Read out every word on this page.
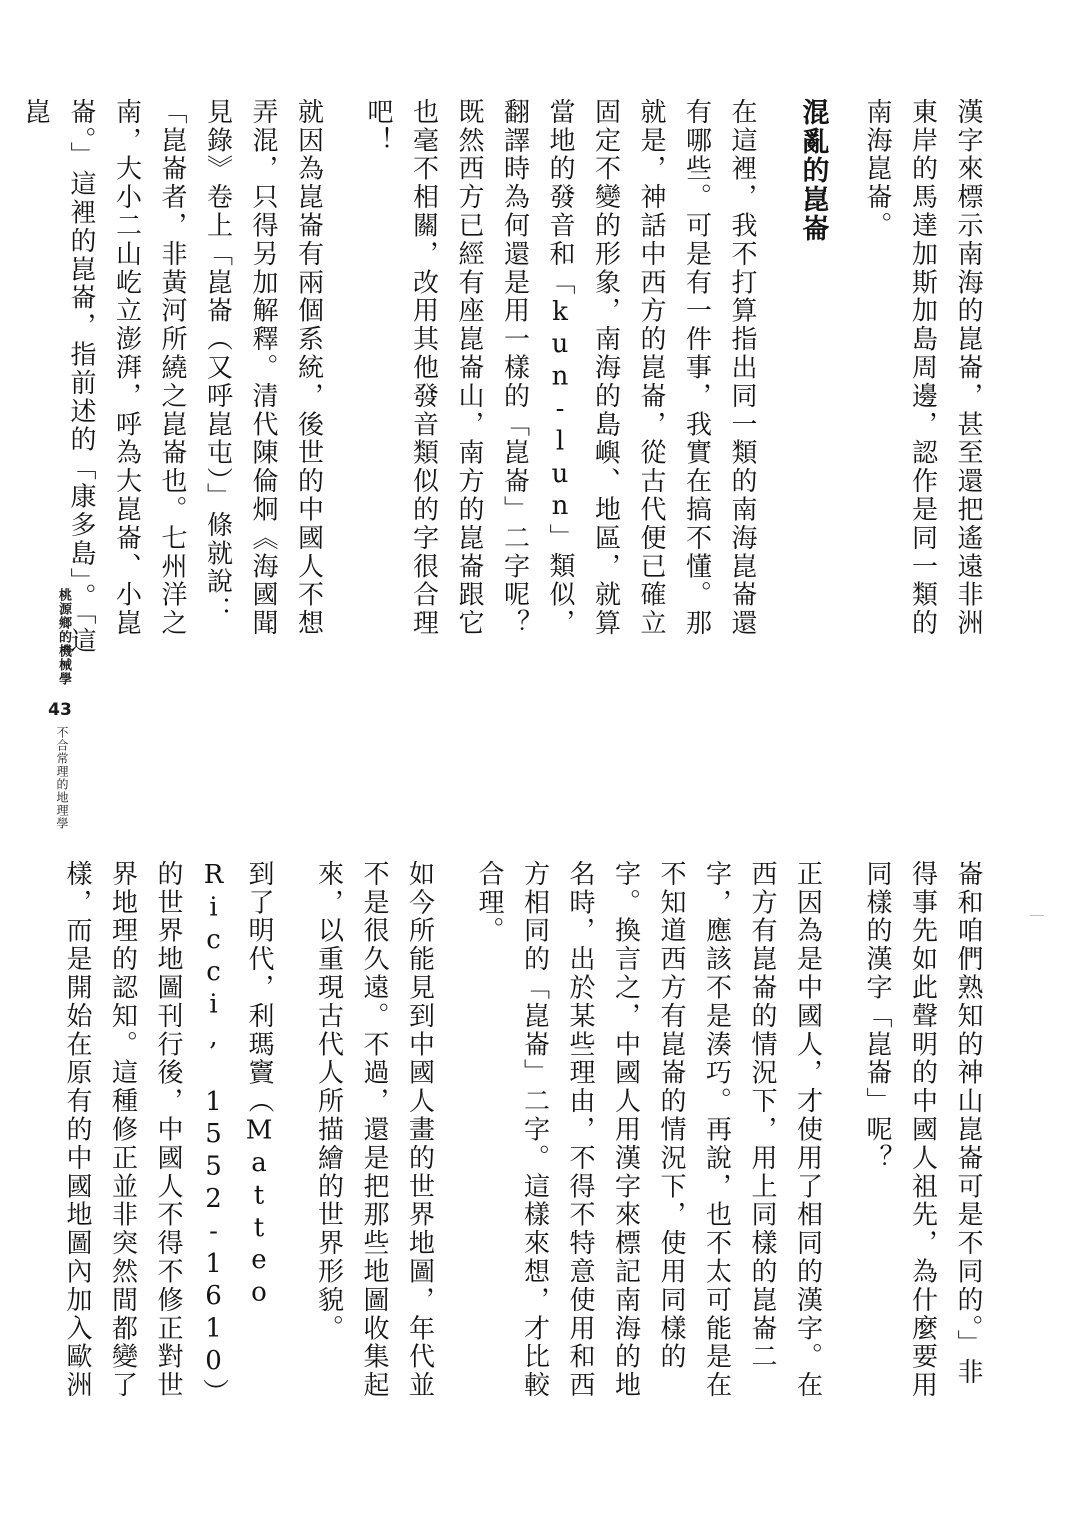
漢字來標示南海的崑崙，甚至還把遙遠非洲東岸的馬達加斯加島周邊，認作是同一類的南海崑崙。

混亂的崑崙

在這裡，我不打算指出同一類的南海崑崙還有哪些。可是有一件事，我實在搞不懂。那就是，神話中西方的崑崙，從古代便已確立固定不變的形象，南海的島嶼、地區，就算當地的發音和「kun-lun」類似，翻譯時為何還是用一樣的「崑崙」二字呢？既然西方已經有座崑崙山，南方的崑崙跟它也毫不相關，改用其他發音類似的字很合理吧！

就因為崑崙有兩個系統，後世的中國人不想弄混，只得另加解釋。清代陳倫炯《海國聞見錄》卷上「崑崙（又呼崑屯）」條就說：「崑崙者，非黃河所繞之崑崙也。七州洋之南，大小二山屹立澎湃，呼為大崑崙、小崑崙。」這裡的崑崙，指前述的「康多島」。「這崑

崙和咱們熟知的神山崑崙可是不同的。」非得事先如此聲明的中國人祖先，為什麼要用同樣的漢字「崑崙」呢？

正因為是中國人，才使用了相同的漢字。在西方有崑崙的情況下，用上同樣的崑崙二字，應該不是湊巧。再說，也不太可能是在不知道西方有崑崙的情況下，使用同樣的字。換言之，中國人用漢字來標記南海的地名時，出於某些理由，不得不特意使用和西方相同的「崑崙」二字。這樣來想，才比較合理。

如今所能見到中國人畫的世界地圖，年代並不是很久遠。不過，還是把那些地圖收集起來，以重現古代人所描繪的世界形貌。

到了明代，利瑪竇（Matteo Ricci, 1552-1610）的世界地圖刊行後，中國人不得不修正對世界地理的認知。這種修正並非突然間都變了樣，而是開始在原有的中國地圖內加入歐洲

桃源鄉的機械學
43
不合常理的地理學
